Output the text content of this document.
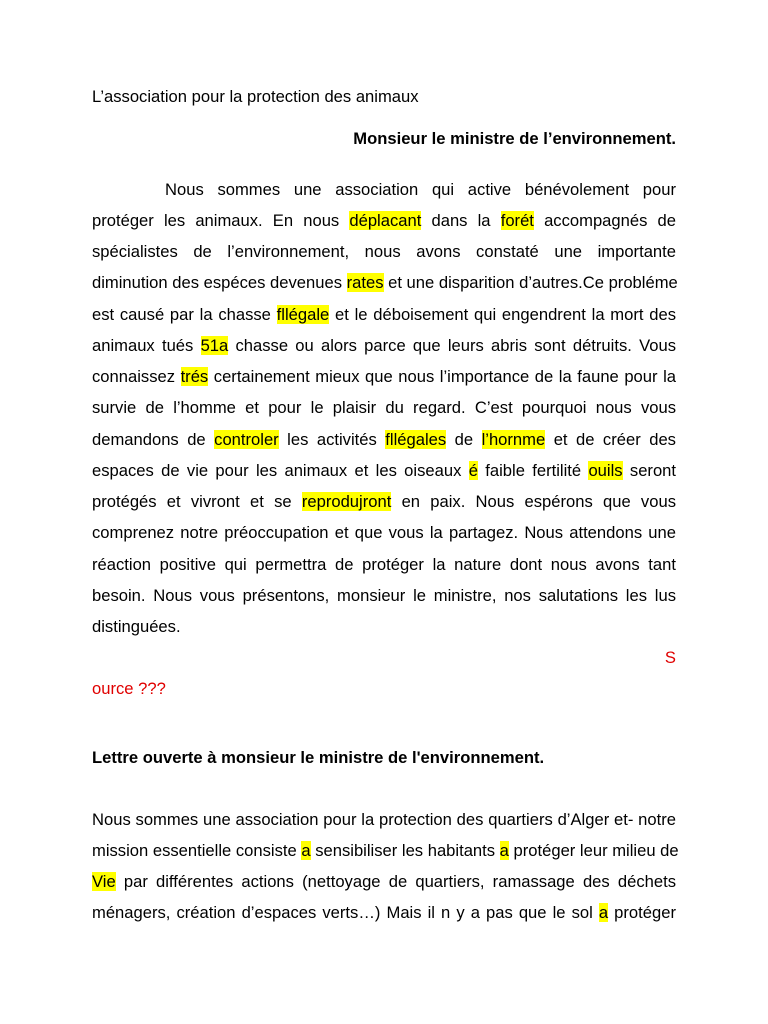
L’association pour la protection des animaux
Monsieur le ministre de l’environnement.
Nous sommes une association qui active bénévolement pour
protéger les animaux. En nous déplacant dans la forét accompagnés de
spécialistes de l’environnement, nous avons constaté une importante
diminution des espéces devenues rates et une disparition d’autres.Ce probléme
est causé par la chasse fllégale et le déboisement qui engendrent la mort des
animaux tués 51a chasse ou alors parce que leurs abris sont détruits. Vous
connaissez trés certainement mieux que nous l’importance de la faune pour la
survie de l’homme et pour le plaisir du regard. C’est pourquoi nous vous
demandons de controler les activités fllégales de l’hornme et de créer des
espaces de vie pour les animaux et les oiseaux é faible fertilité ouils seront
protégés et vivront et se reprodujront en paix. Nous espérons que vous
comprenez notre préoccupation et que vous la partagez. Nous attendons une
réaction positive qui permettra de protéger la nature dont nous avons tant
besoin. Nous vous présentons, monsieur le ministre, nos salutations les lus
distinguées.
S
ource ???
Lettre ouverte à monsieur le ministre de l'environnement.
Nous sommes une association pour la protection des quartiers d’Alger et- notre
mission essentielle consiste a sensibiliser les habitants a protéger leur milieu de
Vie par différentes actions (nettoyage de quartiers, ramassage des déchets
ménagers, création d’espaces verts…) Mais il n y a pas que le sol a protéger
